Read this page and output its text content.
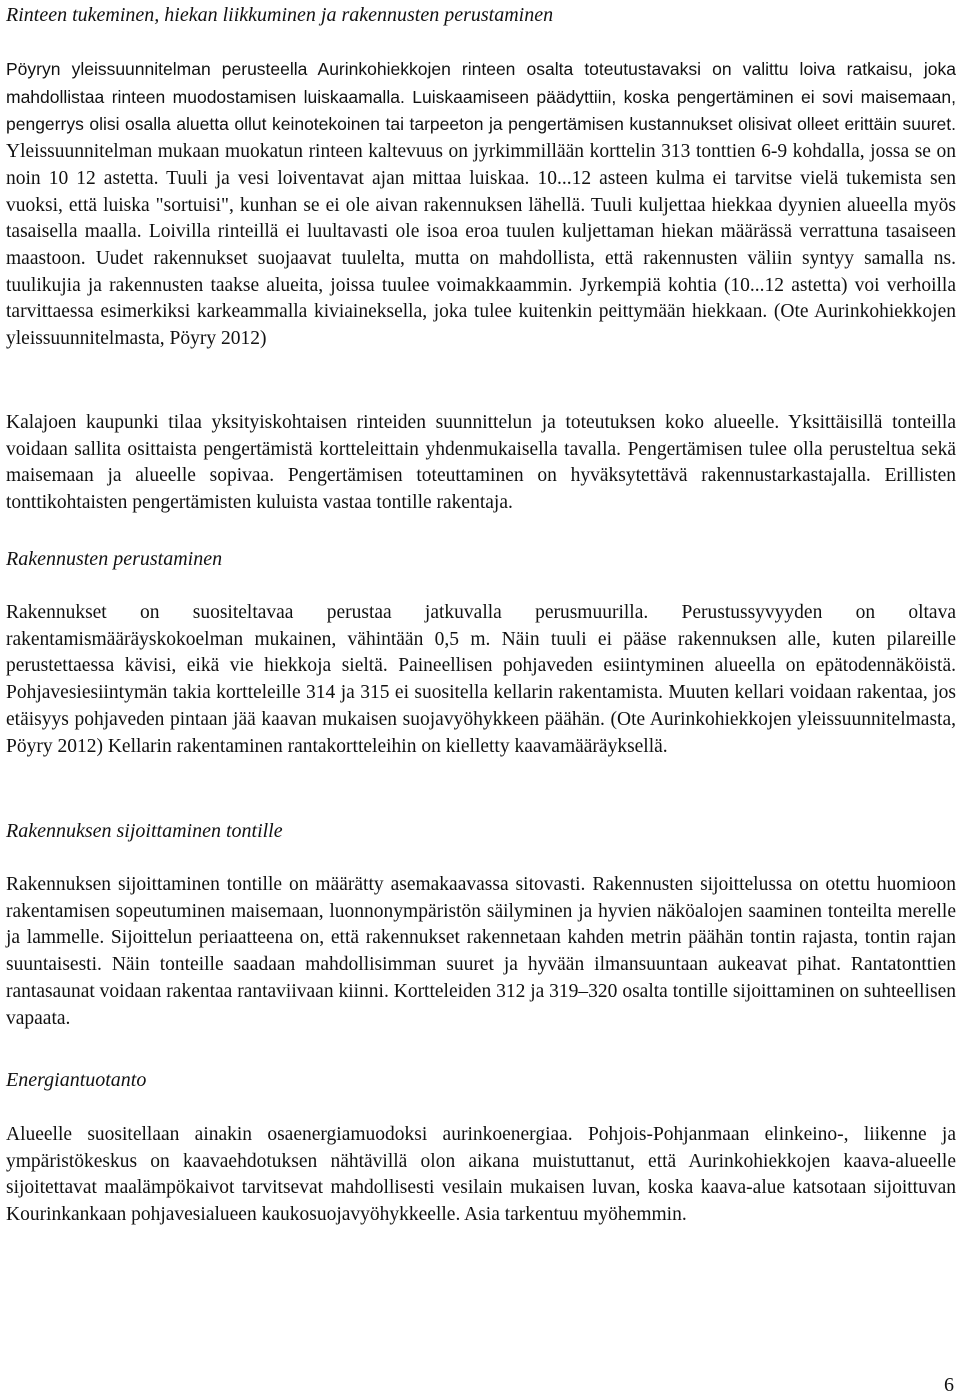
Rinteen tukeminen, hiekan liikkuminen ja rakennusten perustaminen

Pöyryn yleissuunnitelman perusteella Aurinkohiekkojen rinteen osalta toteutustavaksi on valittu loiva ratkaisu, joka mahdollistaa rinteen muodostamisen luiskaamalla. Luiskaamiseen päädyttiin, koska pengertäminen ei sovi maisemaan, pengerrys olisi osalla aluetta ollut keinotekoinen tai tarpeeton ja pengertämisen kustannukset olisivat olleet erittäin suuret. Yleissuunnitelman mukaan muokatun rinteen kaltevuus on jyrkimmillään korttelin 313 tonttien 6-9 kohdalla, jossa se on noin 10 12 astetta. Tuuli ja vesi loiventavat ajan mittaa luiskaa. 10...12 asteen kulma ei tarvitse vielä tukemista sen vuoksi, että luiska "sortuisi", kunhan se ei ole aivan rakennuksen lähellä. Tuuli kuljettaa hiekkaa dyynien alueella myös tasaisella maalla. Loivilla rinteillä ei luultavasti ole isoa eroa tuulen kuljettaman hiekan määrässä verrattuna tasaiseen maastoon. Uudet rakennukset suojaavat tuulelta, mutta on mahdollista, että rakennusten väliin syntyy samalla ns. tuulikujia ja rakennusten taakse alueita, joissa tuulee voimakkaammin. Jyrkempiä kohtia (10...12 astetta) voi verhoilla tarvittaessa esimerkiksi karkeammalla kiviaineksella, joka tulee kuitenkin peittymään hiekkaan. (Ote Aurinkohiekkojen yleissuunnitelmasta, Pöyry 2012)

Kalajoen kaupunki tilaa yksityiskohtaisen rinteiden suunnittelun ja toteutuksen koko alueelle. Yksittäisillä tonteilla voidaan sallita osittaista pengertämistä kortteleittain yhdenmukaisella tavalla. Pengertämisen tulee olla perusteltua sekä maisemaan ja alueelle sopivaa. Pengertämisen toteuttaminen on hyväksytettävä rakennustarkastajalla. Erillisten tonttikohtaisten pengertämisten kuluista vastaa tontille rakentaja.

Rakennusten perustaminen

Rakennukset on suositeltavaa perustaa jatkuvalla perusmuurilla. Perustussyvyyden on oltava rakentamismääräyskokoelman mukainen, vähintään 0,5 m. Näin tuuli ei pääse rakennuksen alle, kuten pilareille perustettaessa kävisi, eikä vie hiekkoja sieltä. Paineellisen pohjaveden esiintyminen alueella on epätodennäköistä. Pohjavesiesiintymän takia kortteleille 314 ja 315 ei suositella kellarin rakentamista. Muuten kellari voidaan rakentaa, jos etäisyys pohjaveden pintaan jää kaavan mukaisen suojavyöhykkeen päähän. (Ote Aurinkohiekkojen yleissuunnitelmasta, Pöyry 2012) Kellarin rakentaminen rantakortteleihin on kielletty kaavamääräyksellä.

Rakennuksen sijoittaminen tontille

Rakennuksen sijoittaminen tontille on määrätty asemakaavassa sitovasti. Rakennusten sijoittelussa on otettu huomioon rakentamisen sopeutuminen maisemaan, luonnonympäristön säilyminen ja hyvien näköalojen saaminen tonteilta merelle ja lammelle. Sijoittelun periaatteena on, että rakennukset rakennetaan kahden metrin päähän tontin rajasta, tontin rajan suuntaisesti. Näin tonteille saadaan mahdollisimman suuret ja hyvään ilmansuuntaan aukeavat pihat. Rantatonttien rantasaunat voidaan rakentaa rantaviivaan kiinni. Kortteleiden 312 ja 319–320 osalta tontille sijoittaminen on suhteellisen vapaata.

Energiantuotanto

Alueelle suositellaan ainakin osaenergiamuodoksi aurinkoenergiaa. Pohjois-Pohjanmaan elinkeino-, liikenne ja ympäristökeskus on kaavaehdotuksen nähtävillä olon aikana muistuttanut, että Aurinkohiekkojen kaava-alueelle sijoitettavat maalämpökaivot tarvitsevat mahdollisesti vesilain mukaisen luvan, koska kaava-alue katsotaan sijoittuvan Kourinkankaan pohjavesialueen kaukosuojavyöhykkeelle. Asia tarkentuu myöhemmin.

6
